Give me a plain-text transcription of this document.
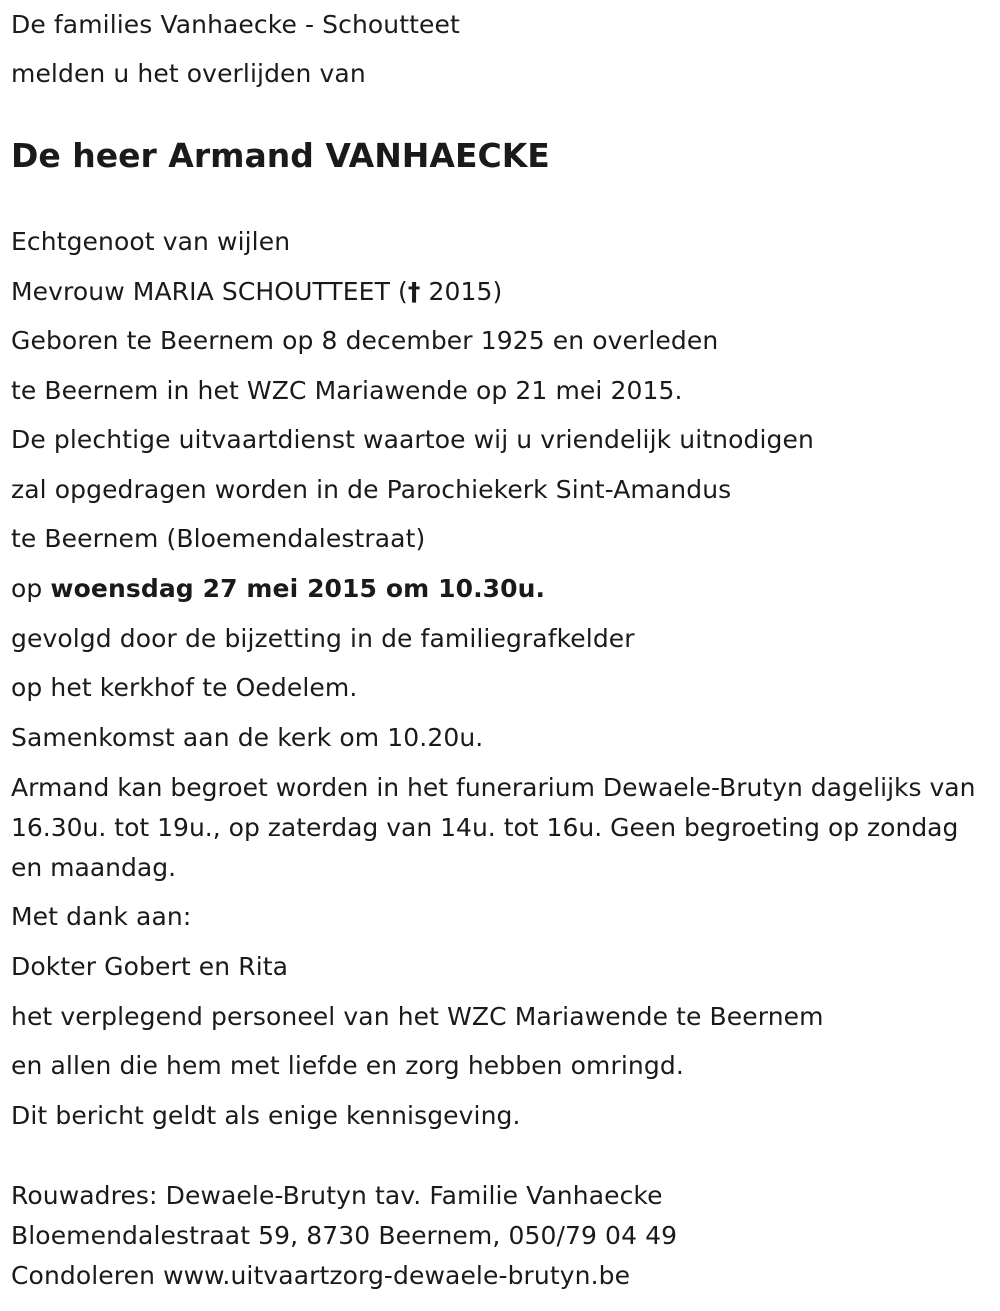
De families Vanhaecke - Schoutteet
melden u het overlijden van
De heer Armand VANHAECKE
Echtgenoot van wijlen
Mevrouw MARIA SCHOUTTEET († 2015)
Geboren te Beernem op 8 december 1925 en overleden
te Beernem in het WZC Mariawende op 21 mei 2015.
De plechtige uitvaartdienst waartoe wij u vriendelijk uitnodigen
zal opgedragen worden in de Parochiekerk Sint-Amandus
te Beernem (Bloemendalestraat)
op woensdag 27 mei 2015 om 10.30u.
gevolgd door de bijzetting in de familiegrafkelder
op het kerkhof te Oedelem.
Samenkomst aan de kerk om 10.20u.
Armand kan begroet worden in het funerarium Dewaele-Brutyn dagelijks van 16.30u. tot 19u., op zaterdag van 14u. tot 16u. Geen begroeting op zondag en maandag.
Met dank aan:
Dokter Gobert en Rita
het verplegend personeel van het WZC Mariawende te Beernem
en allen die hem met liefde en zorg hebben omringd.
Dit bericht geldt als enige kennisgeving.
Rouwadres: Dewaele-Brutyn tav. Familie Vanhaecke
Bloemendalestraat 59, 8730 Beernem, 050/79 04 49
Condoleren www.uitvaartzorg-dewaele-brutyn.be
